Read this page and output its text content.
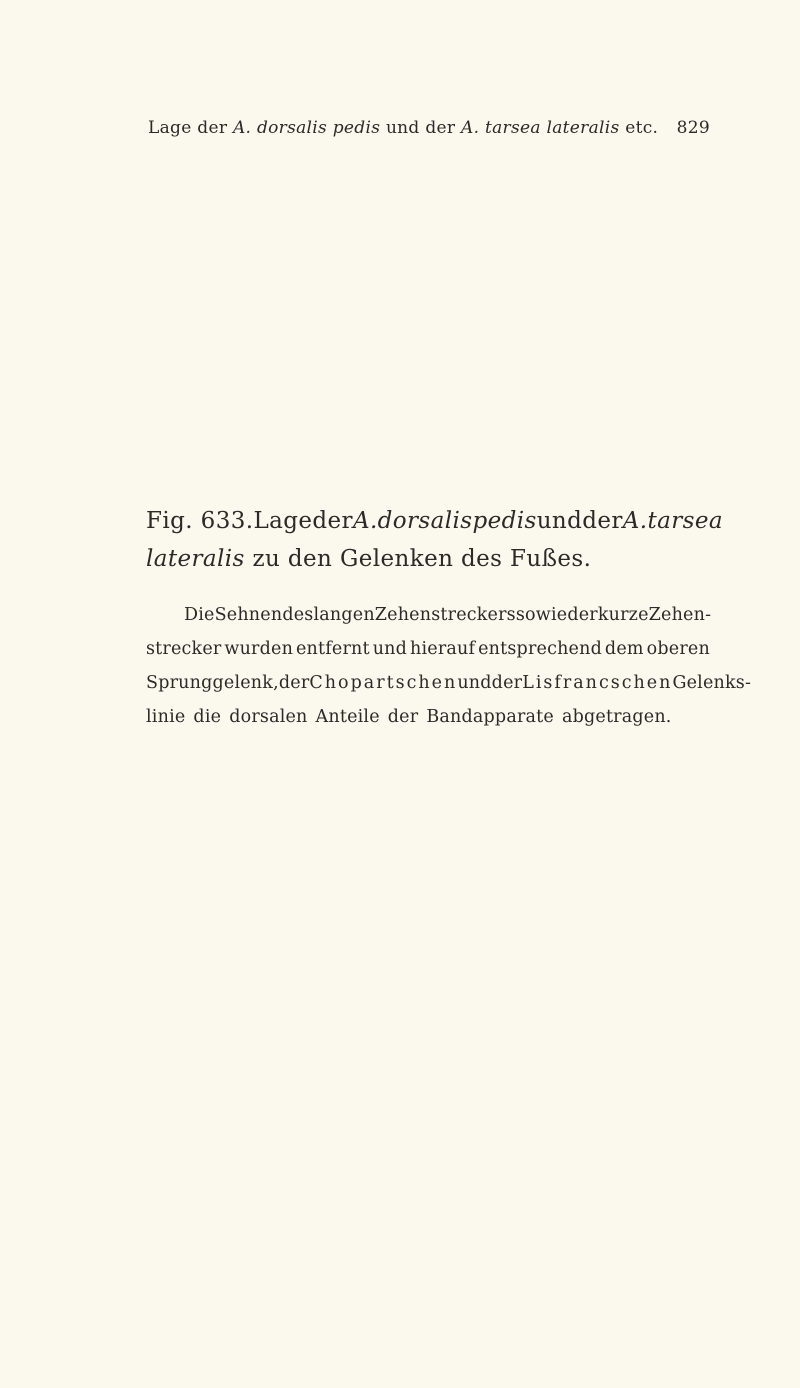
Lage der A. dorsalis pedis und der A. tarsea lateralis etc. 829
Fig. 633. Lage der A. dorsalis pedis und der A. tarsea
lateralis zu den Gelenken des Fußes.
Die Sehnen des langen Zehenstreckers sowie der kurze Zehen-
strecker wurden entfernt und hierauf entsprechend dem oberen
Sprunggelenk, der Chopartschen und der Lisfrancschen Gelenks-
linie die dorsalen Anteile der Bandapparate abgetragen.
